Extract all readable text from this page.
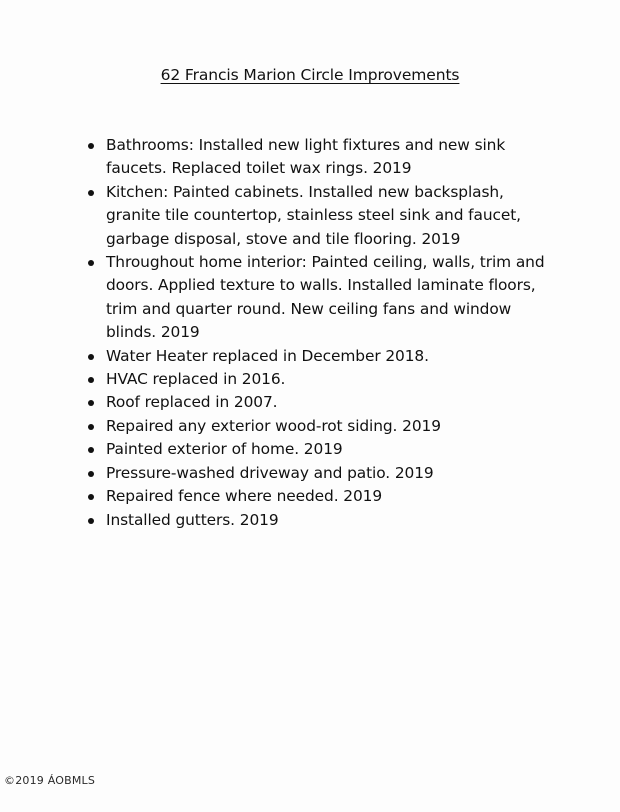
62 Francis Marion Circle Improvements
Bathrooms: Installed new light fixtures and new sink faucets. Replaced toilet wax rings. 2019
Kitchen: Painted cabinets. Installed new backsplash, granite tile countertop, stainless steel sink and faucet, garbage disposal, stove and tile flooring. 2019
Throughout home interior: Painted ceiling, walls, trim and doors. Applied texture to walls. Installed laminate floors, trim and quarter round. New ceiling fans and window blinds. 2019
Water Heater replaced in December 2018.
HVAC replaced in 2016.
Roof replaced in 2007.
Repaired any exterior wood-rot siding. 2019
Painted exterior of home. 2019
Pressure-washed driveway and patio. 2019
Repaired fence where needed. 2019
Installed gutters. 2019
©2019 ÁOBMLS
